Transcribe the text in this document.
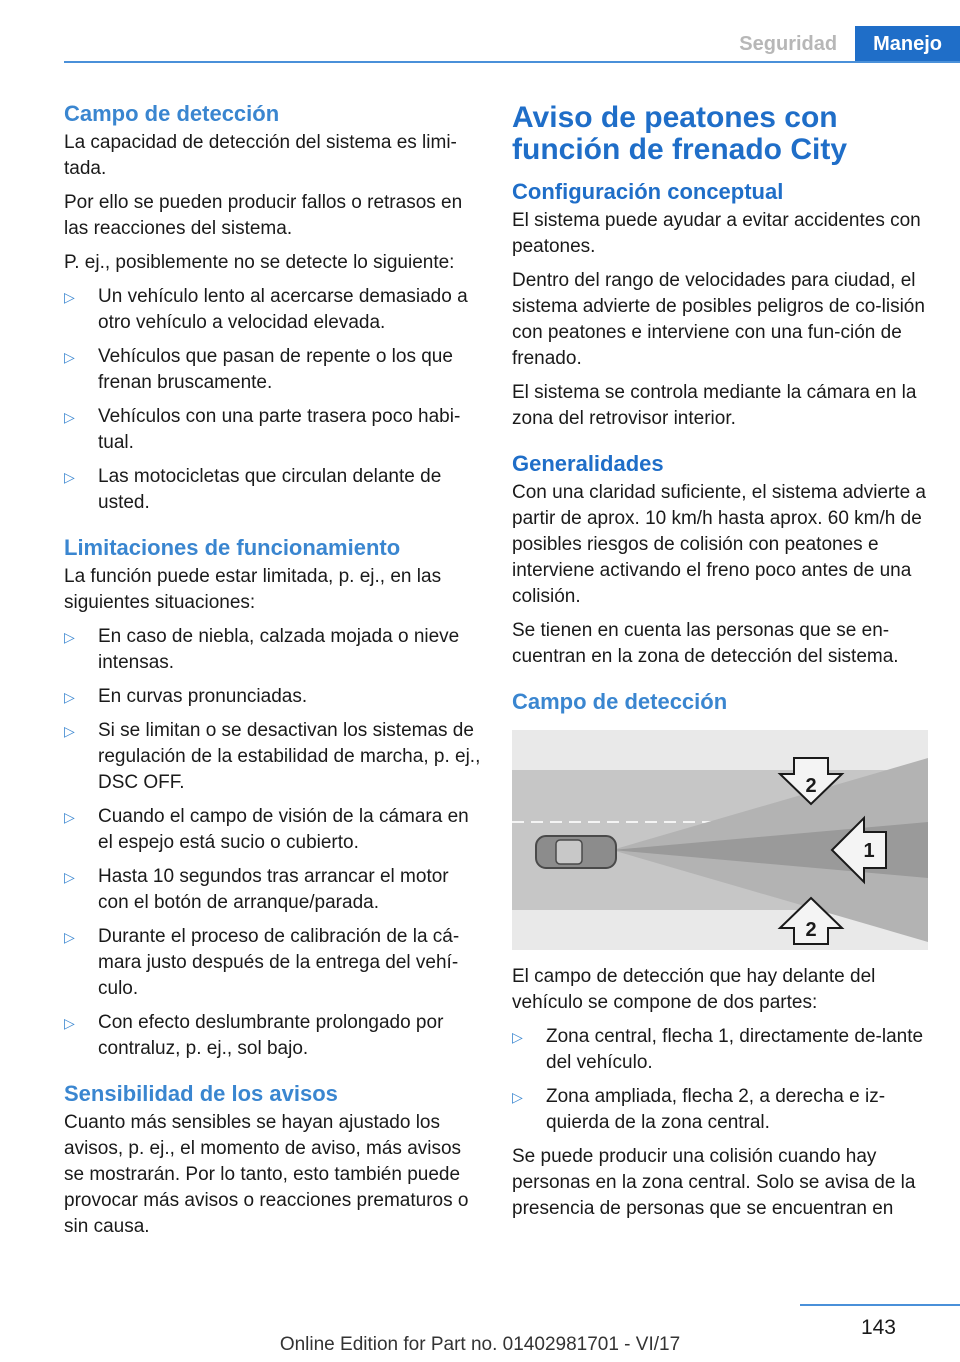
Seguridad	Manejo
Campo de detección

La capacidad de detección del sistema es limi-tada.

Por ello se pueden producir fallos o retrasos en las reacciones del sistema.

P. ej., posiblemente no se detecte lo siguiente:

▷ Un vehículo lento al acercarse demasiado a otro vehículo a velocidad elevada.
▷ Vehículos que pasan de repente o los que frenan bruscamente.
▷ Vehículos con una parte trasera poco habi-tual.
▷ Las motocicletas que circulan delante de usted.
Limitaciones de funcionamiento

La función puede estar limitada, p. ej., en las siguientes situaciones:

▷ En caso de niebla, calzada mojada o nieve intensas.
▷ En curvas pronunciadas.
▷ Si se limitan o se desactivan los sistemas de regulación de la estabilidad de marcha, p. ej., DSC OFF.
▷ Cuando el campo de visión de la cámara en el espejo está sucio o cubierto.
▷ Hasta 10 segundos tras arrancar el motor con el botón de arranque/parada.
▷ Durante el proceso de calibración de la cá-mara justo después de la entrega del vehí-culo.
▷ Con efecto deslumbrante prolongado por contraluz, p. ej., sol bajo.
Sensibilidad de los avisos

Cuanto más sensibles se hayan ajustado los avisos, p. ej., el momento de aviso, más avisos se mostrarán. Por lo tanto, esto también puede provocar más avisos o reacciones prematuros o sin causa.

Aviso de peatones con función de frenado City
Configuración conceptual

El sistema puede ayudar a evitar accidentes con peatones.

Dentro del rango de velocidades para ciudad, el sistema advierte de posibles peligros de co-lisión con peatones e interviene con una fun-ción de frenado.

El sistema se controla mediante la cámara en la zona del retrovisor interior.

Generalidades

Con una claridad suficiente, el sistema advierte a partir de aprox. 10 km/h hasta aprox. 60 km/h de posibles riesgos de colisión con peatones e interviene activando el freno poco antes de una colisión.

Se tienen en cuenta las personas que se en-cuentran en la zona de detección del sistema.

Campo de detección
2
1
2

El campo de detección que hay delante del vehículo se compone de dos partes:

▷ Zona central, flecha 1, directamente de-lante del vehículo.
▷ Zona ampliada, flecha 2, a derecha e iz-quierda de la zona central.

Se puede producir una colisión cuando hay personas en la zona central. Solo se avisa de la presencia de personas que se encuentran en

143
Online Edition for Part no. 01402981701 - VI/17
